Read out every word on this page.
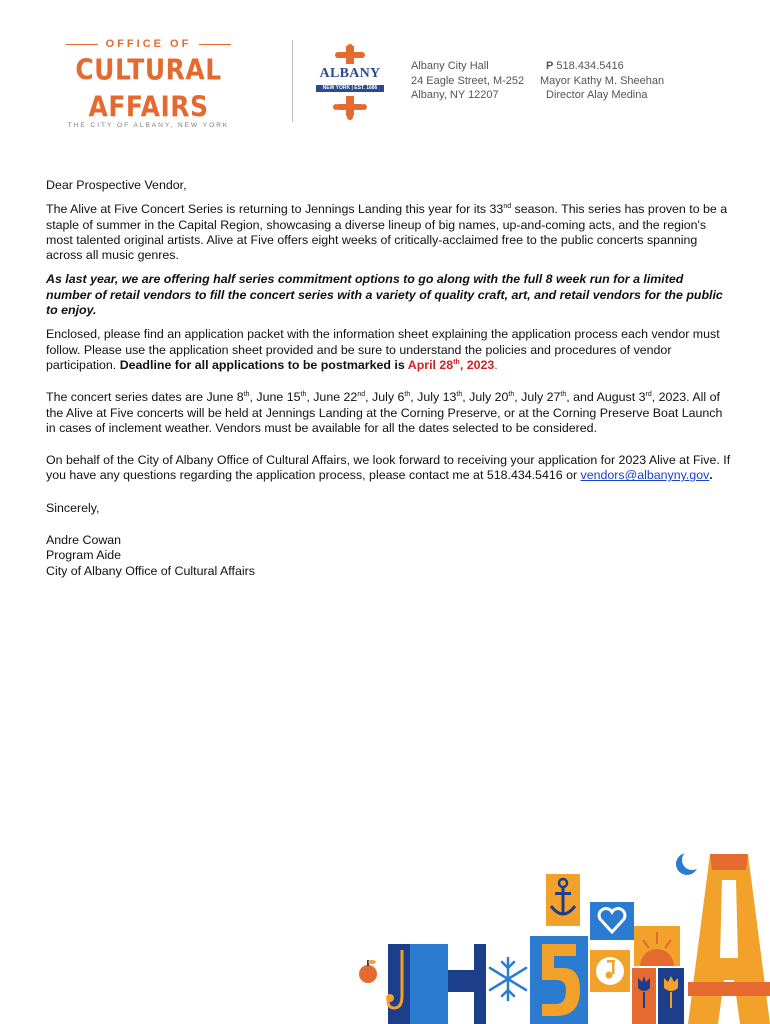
OFFICE OF
CULTURAL AFFAIRS
THE CITY OF ALBANY, NEW YORK
ALBANY
NEW YORK | EST. 1686
Albany City Hall
24 Eagle Street, M-252
Albany, NY 12207
P 518.434.5416
Mayor Kathy M. Sheehan
Director Alay Medina

Dear Prospective Vendor,

The Alive at Five Concert Series is returning to Jennings Landing this year for its 33nd season. This series has proven to be a staple of summer in the Capital Region, showcasing a diverse lineup of big names, up-and-coming acts, and the region's most talented original artists. Alive at Five offers eight weeks of critically-acclaimed free to the public concerts spanning across all music genres.

As last year, we are offering half series commitment options to go along with the full 8 week run for a limited number of retail vendors to fill the concert series with a variety of quality craft, art, and retail vendors for the public to enjoy.

Enclosed, please find an application packet with the information sheet explaining the application process each vendor must follow. Please use the application sheet provided and be sure to understand the policies and procedures of vendor participation. Deadline for all applications to be postmarked is April 28th, 2023.

The concert series dates are June 8th, June 15th, June 22nd, July 6th, July 13th, July 20th, July 27th, and August 3rd, 2023. All of the Alive at Five concerts will be held at Jennings Landing at the Corning Preserve, or at the Corning Preserve Boat Launch in cases of inclement weather. Vendors must be available for all the dates selected to be considered.

On behalf of the City of Albany Office of Cultural Affairs, we look forward to receiving your application for 2023 Alive at Five. If you have any questions regarding the application process, please contact me at 518.434.5416 or vendors@albanyny.gov.

Sincerely,

Andre Cowan

Program Aide

City of Albany Office of Cultural Affairs
